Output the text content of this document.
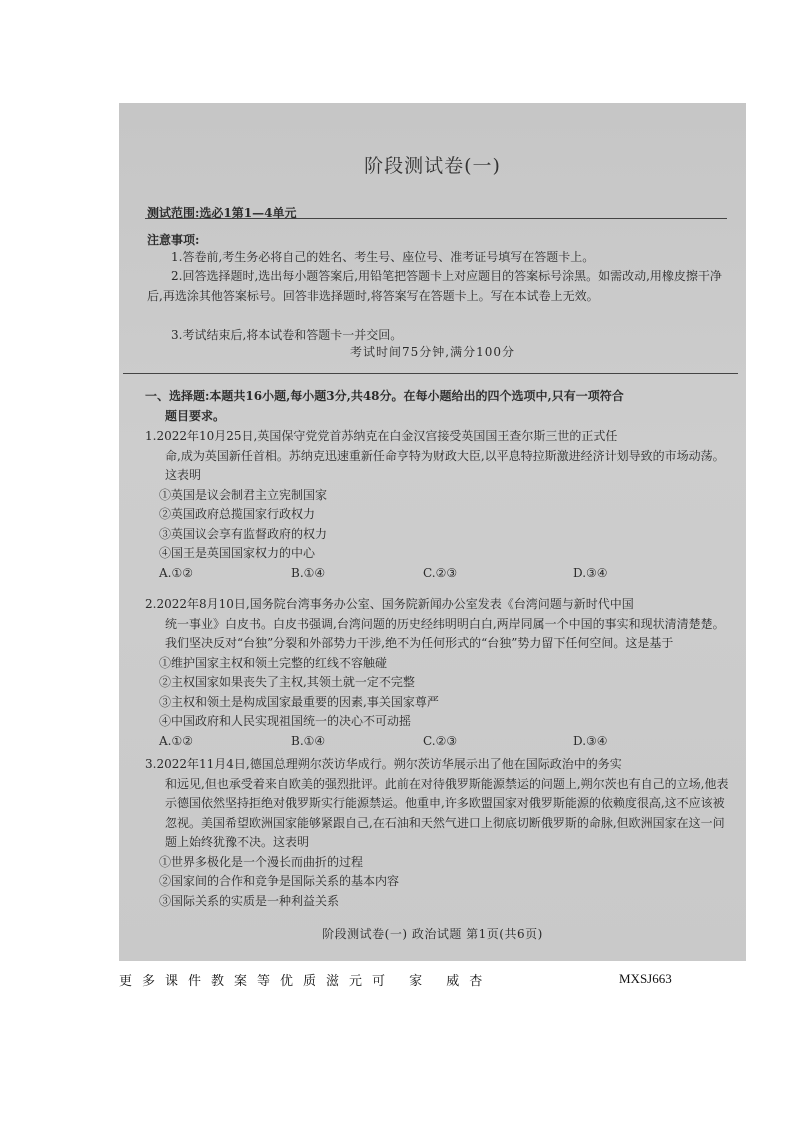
阶段测试卷(一)
测试范围:选必1第1—4单元
注意事项:
1.答卷前,考生务必将自己的姓名、考生号、座位号、准考证号填写在答题卡上。
2.回答选择题时,选出每小题答案后,用铅笔把答题卡上对应题目的答案标号涂黑。如需改动,用橡皮擦干净后,再选涂其他答案标号。回答非选择题时,将答案写在答题卡上。写在本试卷上无效。
3.考试结束后,将本试卷和答题卡一并交回。
考试时间75分钟,满分100分
一、选择题:本题共16小题,每小题3分,共48分。在每小题给出的四个选项中,只有一项符合
题目要求。
1.2022年10月25日,英国保守党党首苏纳克在白金汉宫接受英国国王查尔斯三世的正式任
命,成为英国新任首相。苏纳克迅速重新任命亨特为财政大臣,以平息特拉斯激进经济计划导致的市场动荡。这表明
①英国是议会制君主立宪制国家
②英国政府总揽国家行政权力
③英国议会享有监督政府的权力
④国王是英国国家权力的中心
A.①②	B.①④	C.②③	D.③④
2.2022年8月10日,国务院台湾事务办公室、国务院新闻办公室发表《台湾问题与新时代中国
统一事业》白皮书。白皮书强调,台湾问题的历史经纬明明白白,两岸同属一个中国的事实和现状清清楚楚。我们坚决反对“台独”分裂和外部势力干涉,绝不为任何形式的“台独”势力留下任何空间。这是基于
①维护国家主权和领土完整的红线不容触碰
②主权国家如果丧失了主权,其领土就一定不完整
③主权和领土是构成国家最重要的因素,事关国家尊严
④中国政府和人民实现祖国统一的决心不可动摇
A.①②	B.①④	C.②③	D.③④
3.2022年11月4日,德国总理朔尔茨访华成行。朔尔茨访华展示出了他在国际政治中的务实
和远见,但也承受着来自欧美的强烈批评。此前在对待俄罗斯能源禁运的问题上,朔尔茨也有自己的立场,他表示德国依然坚持拒绝对俄罗斯实行能源禁运。他重申,许多欧盟国家对俄罗斯能源的依赖度很高,这不应该被忽视。美国希望欧洲国家能够紧跟自己,在石油和天然气进口上彻底切断俄罗斯的命脉,但欧洲国家在这一问题上始终犹豫不决。这表明
①世界多极化是一个漫长而曲折的过程
②国家间的合作和竞争是国际关系的基本内容
③国际关系的实质是一种利益关系
阶段测试卷(一) 政治试题 第1页(共6页)
更多课件教案等优质滋元可 家 威杏	MXSJ663
